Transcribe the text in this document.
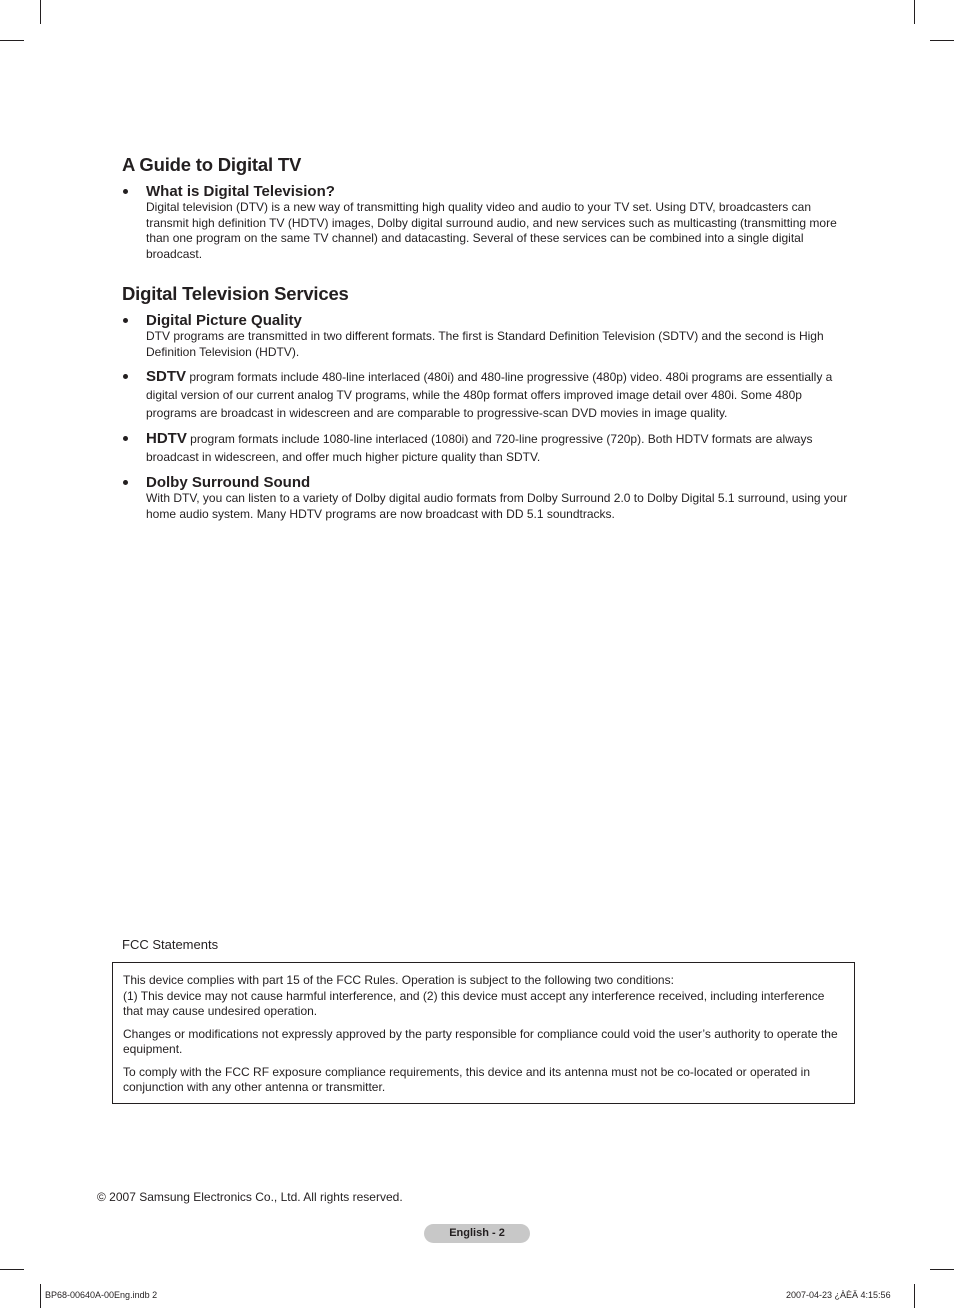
A Guide to Digital TV
What is Digital Television?
Digital television (DTV) is a new way of transmitting high quality video and audio to your TV set. Using DTV, broadcasters can transmit high definition TV (HDTV) images, Dolby digital surround audio, and new services such as multicasting (transmitting more than one program on the same TV channel) and datacasting. Several of these services can be combined into a single digital broadcast.
Digital Television Services
Digital Picture Quality
DTV programs are transmitted in two different formats. The first is Standard Definition Television (SDTV) and the second is High Definition Television (HDTV).
SDTV program formats include 480-line interlaced (480i) and 480-line progressive (480p) video. 480i programs are essentially a digital version of our current analog TV programs, while the 480p format offers improved image detail over 480i. Some 480p programs are broadcast in widescreen and are comparable to progressive-scan DVD movies in image quality.
HDTV program formats include 1080-line interlaced (1080i) and 720-line progressive (720p). Both HDTV formats are always broadcast in widescreen, and offer much higher picture quality than SDTV.
Dolby Surround Sound
With DTV, you can listen to a variety of Dolby digital audio formats from Dolby Surround 2.0 to Dolby Digital 5.1 surround, using your home audio system. Many HDTV programs are now broadcast with DD 5.1 soundtracks.
FCC Statements

This device complies with part 15 of the FCC Rules. Operation is subject to the following two conditions:
(1) This device may not cause harmful interference, and (2) this device must accept any interference received, including interference that may cause undesired operation.

Changes or modifications not expressly approved by the party responsible for compliance could void the user’s authority to operate the equipment.

To comply with the FCC RF exposure compliance requirements, this device and its antenna must not be co-located or operated in conjunction with any other antenna or transmitter.

© 2007 Samsung Electronics Co., Ltd. All rights reserved.
English - 2
BP68-00640A-00Eng.indb 2	2007-04-23 ¿ÀÈÄ 4:15:56
